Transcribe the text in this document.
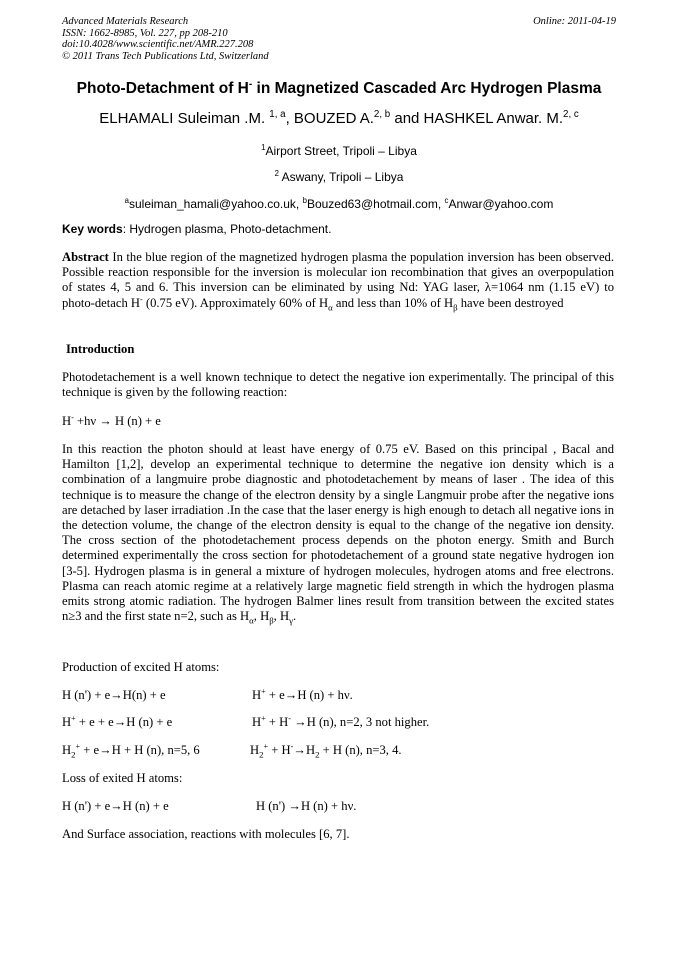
Advanced Materials Research
ISSN: 1662-8985, Vol. 227, pp 208-210
doi:10.4028/www.scientific.net/AMR.227.208
© 2011 Trans Tech Publications Ltd, Switzerland
Online: 2011-04-19
Photo-Detachment of H- in Magnetized Cascaded Arc Hydrogen Plasma
ELHAMALI Suleiman .M. $^{1, a}$, BOUZED A.$^{2, b}$ and HASHKEL Anwar. M.$^{2, c}$
$^1$Airport Street, Tripoli – Libya
$^2$ Aswany, Tripoli – Libya
$^a$suleiman_hamali@yahoo.co.uk, $^b$Bouzed63@hotmail.com, $^c$Anwar@yahoo.com
Key words: Hydrogen plasma, Photo-detachment.
Abstract In the blue region of the magnetized hydrogen plasma the population inversion has been observed. Possible reaction responsible for the inversion is molecular ion recombination that gives an overpopulation of states 4, 5 and 6. This inversion can be eliminated by using Nd: YAG laser, λ=1064 nm (1.15 eV) to photo-detach H- (0.75 eV). Approximately 60% of $H_\alpha$ and less than 10% of $H_\beta$ have been destroyed
Introduction
Photodetachement is a well known technique to detect the negative ion experimentally. The principal of this technique is given by the following reaction:
H- +hν → H (n) + e
In this reaction the photon should at least have energy of 0.75 eV. Based on this principal , Bacal and Hamilton [1,2], develop an experimental technique to determine the negative ion density which is a combination of a langmuire probe diagnostic and photodetachement by means of laser . The idea of this technique is to measure the change of the electron density by a single Langmuir probe after the negative ions are detached by laser irradiation .In the case that the laser energy is high enough to detach all negative ions in the detection volume, the change of the electron density is equal to the change of the negative ion density. The cross section of the photodetachement process depends on the photon energy. Smith and Burch determined experimentally the cross section for photodetachement of a ground state negative hydrogen ion [3-5]. Hydrogen plasma is in general a mixture of hydrogen molecules, hydrogen atoms and free electrons. Plasma can reach atomic regime at a relatively large magnetic field strength in which the hydrogen plasma emits strong atomic radiation. The hydrogen Balmer lines result from transition between the excited states n≥3 and the first state n=2, such as $H_\alpha$, $H_\beta$, $H_\gamma$.
Production of excited H atoms:
H (n') + e→H(n) + e	H+ + e→H (n) + hν.
H+ + e + e→H (n) + e	H+ + H- →H (n), n=2, 3 not higher.
$H_2^+ + e\to H + H$ (n), n=5, 6	$H_2^+ + H^-\to H_2 + H$ (n), n=3, 4.
Loss of exited H atoms:
H (n') + e→H (n) + e	H (n') →H (n) + hν.
And Surface association, reactions with molecules [6, 7].
